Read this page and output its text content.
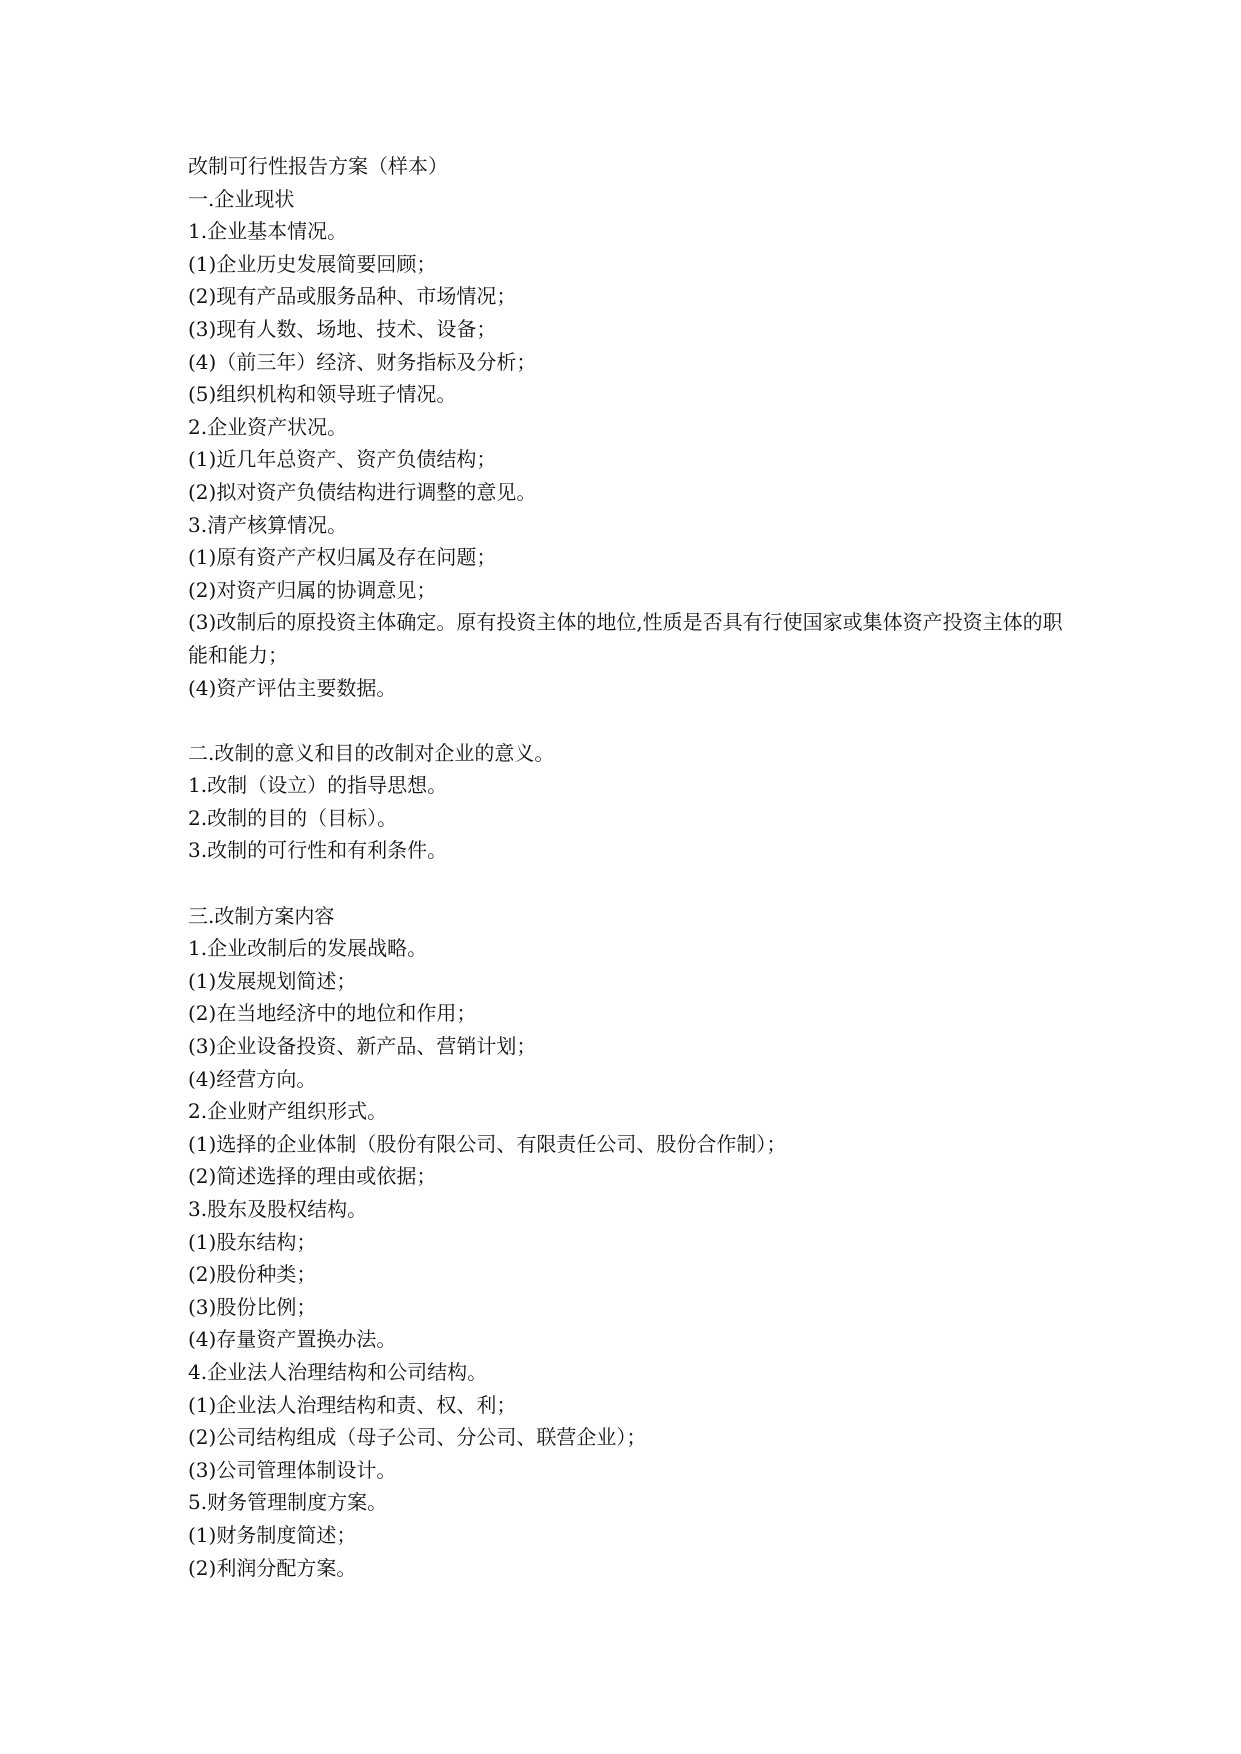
改制可行性报告方案（样本）
一.企业现状
1.企业基本情况。
(1)企业历史发展简要回顾；
(2)现有产品或服务品种、市场情况；
(3)现有人数、场地、技术、设备；
(4)（前三年）经济、财务指标及分析；
(5)组织机构和领导班子情况。
2.企业资产状况。
(1)近几年总资产、资产负债结构；
(2)拟对资产负债结构进行调整的意见。
3.清产核算情况。
(1)原有资产产权归属及存在问题；
(2)对资产归属的协调意见；
(3)改制后的原投资主体确定。原有投资主体的地位,性质是否具有行使国家或集体资产投资主体的职能和能力；
(4)资产评估主要数据。
二.改制的意义和目的改制对企业的意义。
1.改制（设立）的指导思想。
2.改制的目的（目标）。
3.改制的可行性和有利条件。
三.改制方案内容
1.企业改制后的发展战略。
(1)发展规划简述；
(2)在当地经济中的地位和作用；
(3)企业设备投资、新产品、营销计划；
(4)经营方向。
2.企业财产组织形式。
(1)选择的企业体制（股份有限公司、有限责任公司、股份合作制）；
(2)简述选择的理由或依据；
3.股东及股权结构。
(1)股东结构；
(2)股份种类；
(3)股份比例；
(4)存量资产置换办法。
4.企业法人治理结构和公司结构。
(1)企业法人治理结构和责、权、利；
(2)公司结构组成（母子公司、分公司、联营企业）；
(3)公司管理体制设计。
5.财务管理制度方案。
(1)财务制度简述；
(2)利润分配方案。
